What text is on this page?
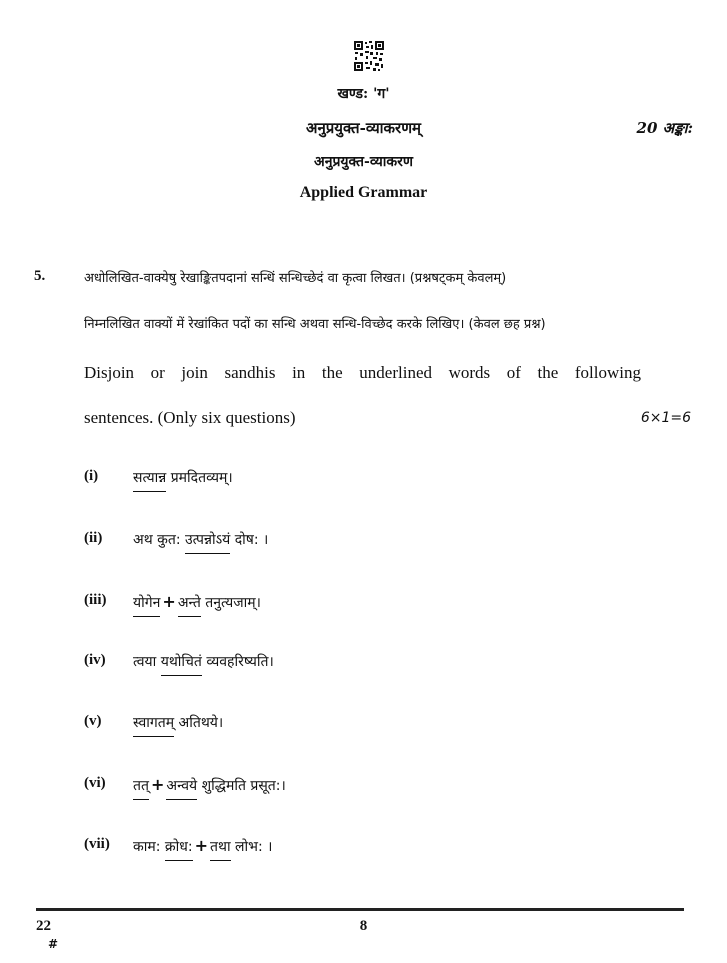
खण्ड: 'ग'
अनुप्रयुक्त-व्याकरणम्	20 अङ्का:
अनुप्रयुक्त-व्याकरण
Applied Grammar
5.	अधोलिखित-वाक्येषु रेखाङ्कितपदानां सन्धिं सन्धिच्छेदं वा कृत्वा लिखत। (प्रश्नषट्कम् केवलम्)
निम्नलिखित वाक्यों में रेखांकित पदों का सन्धि अथवा सन्धि-विच्छेद करके लिखिए। (केवल छह प्रश्न)
Disjoin or join sandhis in the underlined words of the following
sentences. (Only six questions)	6×1=6
(i) सत्यान्न प्रमदितव्यम्।
(ii) अथ कुत: उत्पन्नोऽयं दोष: ।
(iii) योगेन + अन्ते तनुत्यजाम्।
(iv) त्वया यथोचितं व्यवहरिष्यति।
(v) स्वागतम् अतिथये।
(vi) तत् + अन्वये शुद्धिमति प्रसूत:।
(vii) काम: क्रोध: + तथा लोभ: ।
22
#
8
